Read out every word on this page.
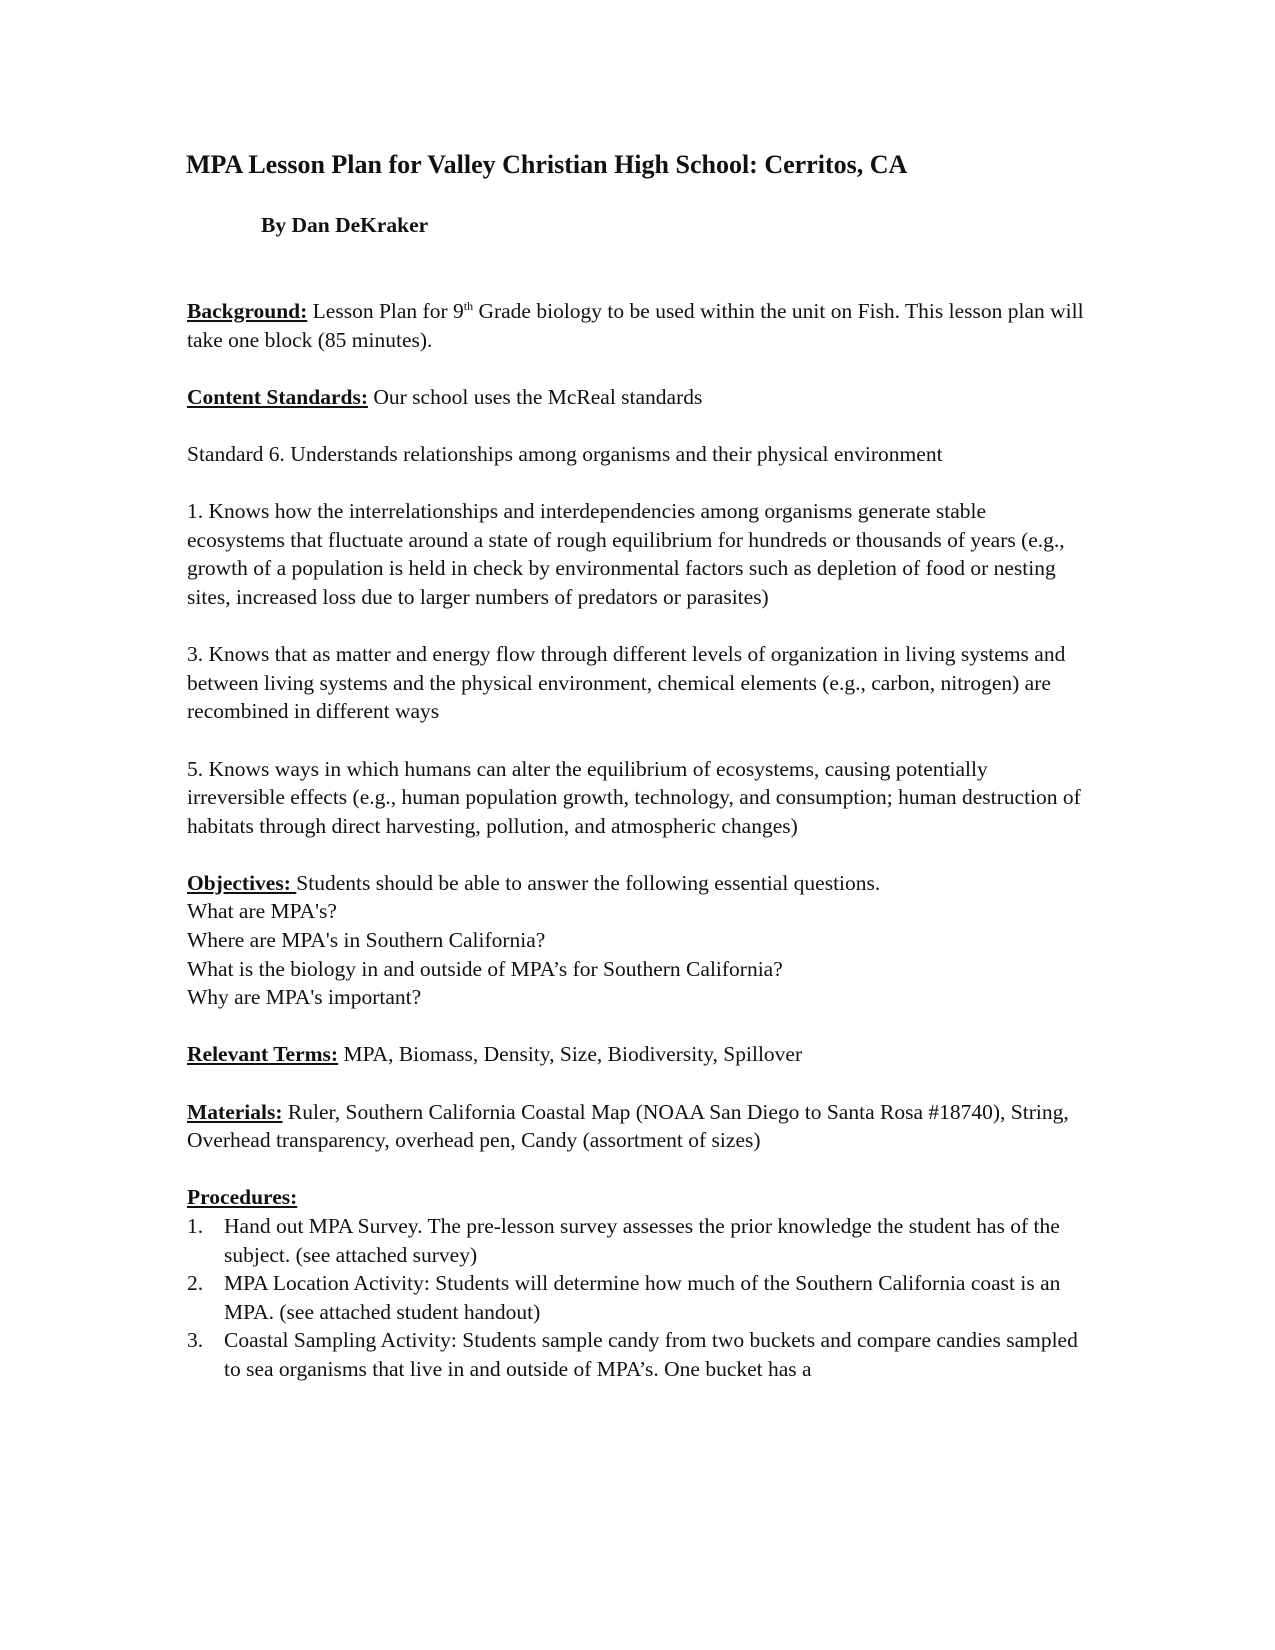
MPA Lesson Plan for Valley Christian High School: Cerritos, CA
By Dan DeKraker

Background: Lesson Plan for 9th Grade biology to be used within the unit on Fish. This lesson plan will take one block (85 minutes).

Content Standards: Our school uses the McReal standards

Standard 6. Understands relationships among organisms and their physical environment

1. Knows how the interrelationships and interdependencies among organisms generate stable ecosystems that fluctuate around a state of rough equilibrium for hundreds or thousands of years (e.g., growth of a population is held in check by environmental factors such as depletion of food or nesting sites, increased loss due to larger numbers of predators or parasites)

3. Knows that as matter and energy flow through different levels of organization in living systems and between living systems and the physical environment, chemical elements (e.g., carbon, nitrogen) are recombined in different ways

5. Knows ways in which humans can alter the equilibrium of ecosystems, causing potentially irreversible effects (e.g., human population growth, technology, and consumption; human destruction of habitats through direct harvesting, pollution, and atmospheric changes)

Objectives: Students should be able to answer the following essential questions.
What are MPA's?
Where are MPA's in Southern California?
What is the biology in and outside of MPA’s for Southern California?
Why are MPA's important?

Relevant Terms: MPA, Biomass, Density, Size, Biodiversity, Spillover

Materials: Ruler, Southern California Coastal Map (NOAA San Diego to Santa Rosa #18740), String, Overhead transparency, overhead pen, Candy (assortment of sizes)

Procedures:
1. Hand out MPA Survey. The pre-lesson survey assesses the prior knowledge the student has of the subject. (see attached survey)
2. MPA Location Activity: Students will determine how much of the Southern California coast is an MPA. (see attached student handout)
3. Coastal Sampling Activity: Students sample candy from two buckets and compare candies sampled to sea organisms that live in and outside of MPA’s. One bucket has a
